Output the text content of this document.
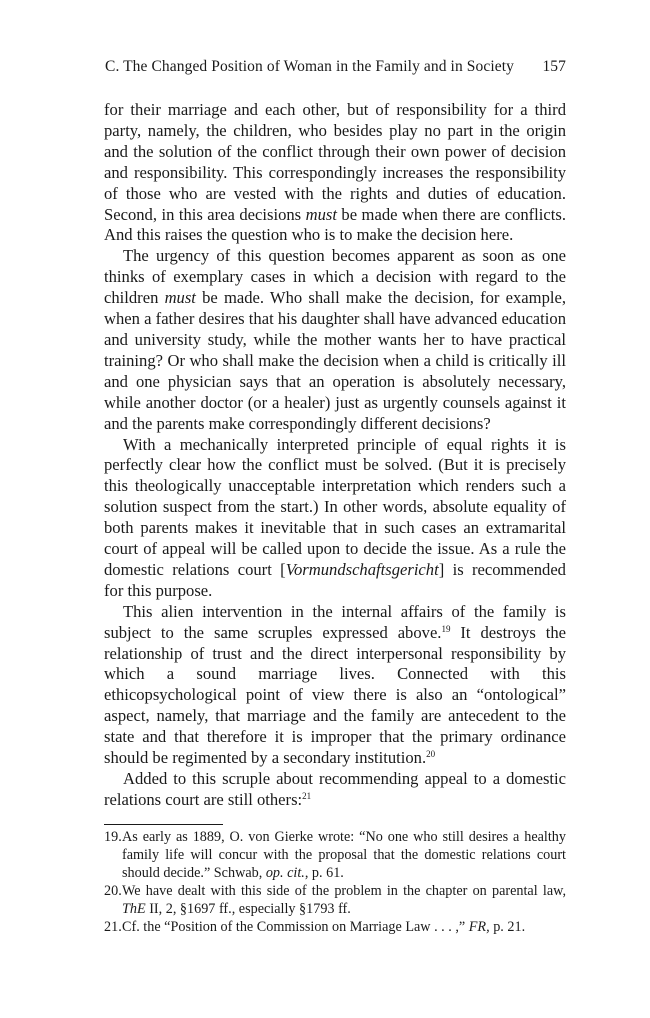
C. The Changed Position of Woman in the Family and in Society 157

for their marriage and each other, but of responsibility for a third party, namely, the children, who besides play no part in the origin and the solution of the conflict through their own power of decision and responsibility. This correspondingly increases the responsibility of those who are vested with the rights and duties of education. Second, in this area decisions must be made when there are conflicts. And this raises the question who is to make the decision here.

The urgency of this question becomes apparent as soon as one thinks of exemplary cases in which a decision with regard to the children must be made. Who shall make the decision, for example, when a father desires that his daughter shall have advanced education and university study, while the mother wants her to have practical training? Or who shall make the decision when a child is critically ill and one physician says that an operation is absolutely necessary, while another doctor (or a healer) just as urgently counsels against it and the parents make correspondingly different decisions?

With a mechanically interpreted principle of equal rights it is perfectly clear how the conflict must be solved. (But it is precisely this theologically unacceptable interpretation which renders such a solution suspect from the start.) In other words, absolute equality of both parents makes it inevitable that in such cases an extramarital court of appeal will be called upon to decide the issue. As a rule the domestic relations court [Vormundschaftsgericht] is recommended for this purpose.

This alien intervention in the internal affairs of the family is subject to the same scruples expressed above.$^{19}$ It destroys the relationship of trust and the direct interpersonal responsibility by which a sound marriage lives. Connected with this ethicopsychological point of view there is also an “ontological” aspect, namely, that marriage and the family are antecedent to the state and that therefore it is improper that the primary ordinance should be regimented by a secondary institution.$^{20}$

Added to this scruple about recommending appeal to a domestic relations court are still others:$^{21}$

19. As early as 1889, O. von Gierke wrote: “No one who still desires a healthy family life will concur with the proposal that the domestic relations court should decide.” Schwab, op. cit., p. 61.
20. We have dealt with this side of the problem in the chapter on parental law, ThE II, 2, §1697 ff., especially §1793 ff.
21. Cf. the “Position of the Commission on Marriage Law . . . ,” FR, p. 21.
